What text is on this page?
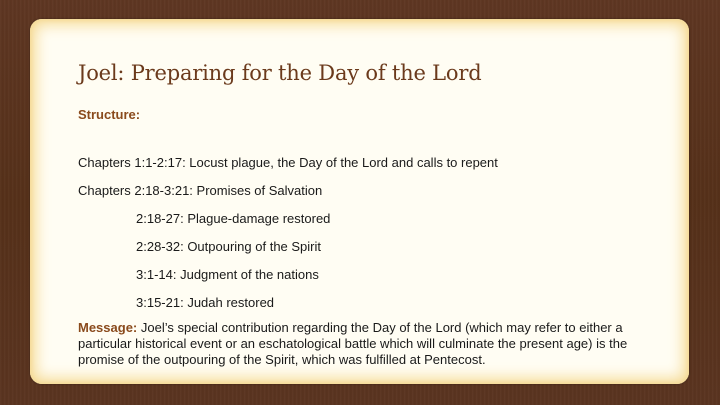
Joel: Preparing for the Day of the Lord
Structure:
Chapters 1:1-2:17: Locust plague, the Day of the Lord and calls to repent
Chapters 2:18-3:21: Promises of Salvation
2:18-27: Plague-damage restored
2:28-32: Outpouring of the Spirit
3:1-14: Judgment of the nations
3:15-21: Judah restored
Message: Joel’s special contribution regarding the Day of the Lord (which may refer to either a particular historical event or an eschatological battle which will culminate the present age) is the promise of the outpouring of the Spirit, which was fulfilled at Pentecost.
